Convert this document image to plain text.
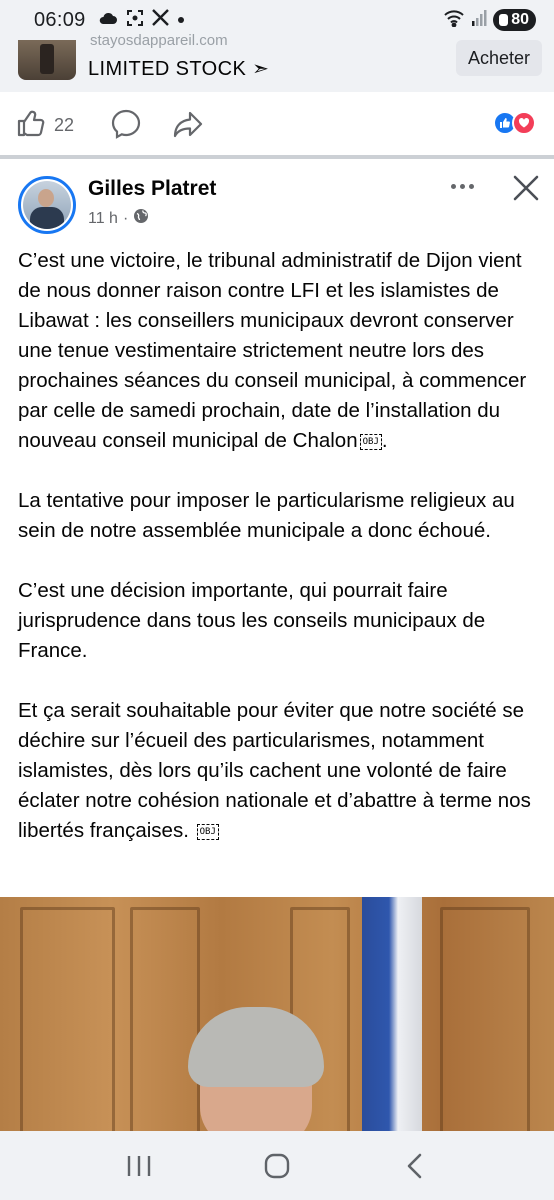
06:09	80
stayosdappareil.com
LIMITED STOCK ➣
Acheter
22
Gilles Platret
11 h ·

C’est une victoire, le tribunal administratif de Dijon vient de nous donner raison contre LFI et les islamistes de Libawat : les conseillers municipaux devront conserver une tenue vestimentaire strictement neutre lors des prochaines séances du conseil municipal, à commencer par celle de samedi prochain, date de l’installation du nouveau conseil municipal de Chalon OBJ .

La tentative pour imposer le particularisme religieux au sein de notre assemblée municipale a donc échoué.

C’est une décision importante, qui pourrait faire jurisprudence dans tous les conseils municipaux de France.

Et ça serait souhaitable pour éviter que notre société se déchire sur l’écueil des particularismes, notamment islamistes, dès lors qu’ils cachent une volonté de faire éclater notre cohésion nationale et d’abattre à terme nos libertés françaises. OBJ
